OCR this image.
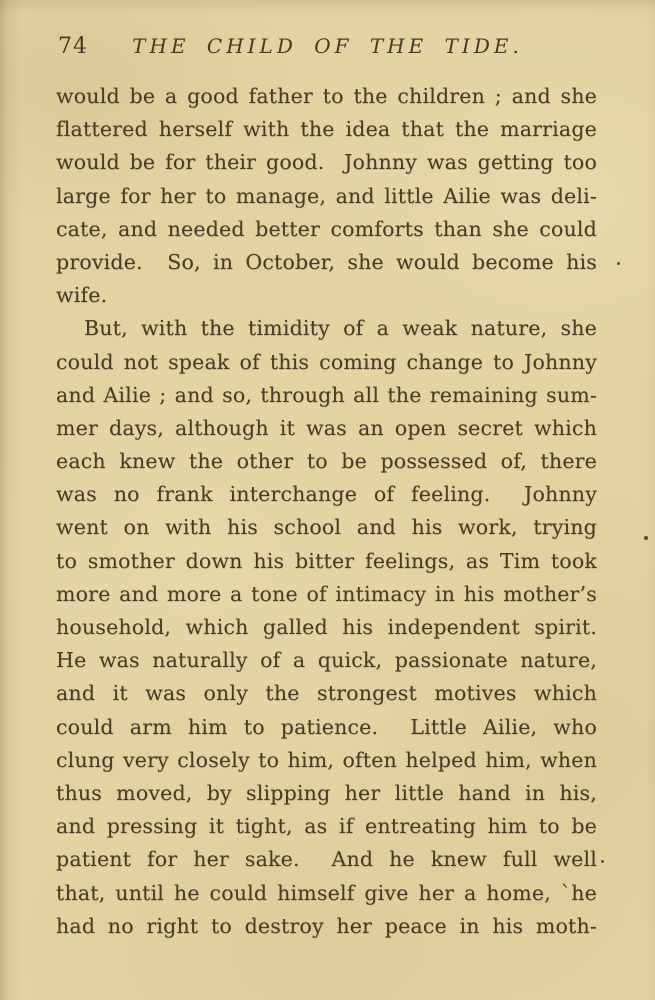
74	THE CHILD OF THE TIDE.
would be a good father to the children ; and she
flattered herself with the idea that the marriage
would be for their good.  Johnny was getting too
large for her to manage, and little Ailie was deli-
cate, and needed better comforts than she could
provide.  So, in October, she would become his
wife.
But, with the timidity of a weak nature, she
could not speak of this coming change to Johnny
and Ailie ; and so, through all the remaining sum-
mer days, although it was an open secret which
each knew the other to be possessed of, there
was no frank interchange of feeling.  Johnny
went on with his school and his work, trying
to smother down his bitter feelings, as Tim took
more and more a tone of intimacy in his mother’s
household, which galled his independent spirit.
He was naturally of a quick, passionate nature,
and it was only the strongest motives which
could arm him to patience.  Little Ailie, who
clung very closely to him, often helped him, when
thus moved, by slipping her little hand in his,
and pressing it tight, as if entreating him to be
patient for her sake.  And he knew full well
that, until he could himself give her a home, `he
had no right to destroy her peace in his moth-
